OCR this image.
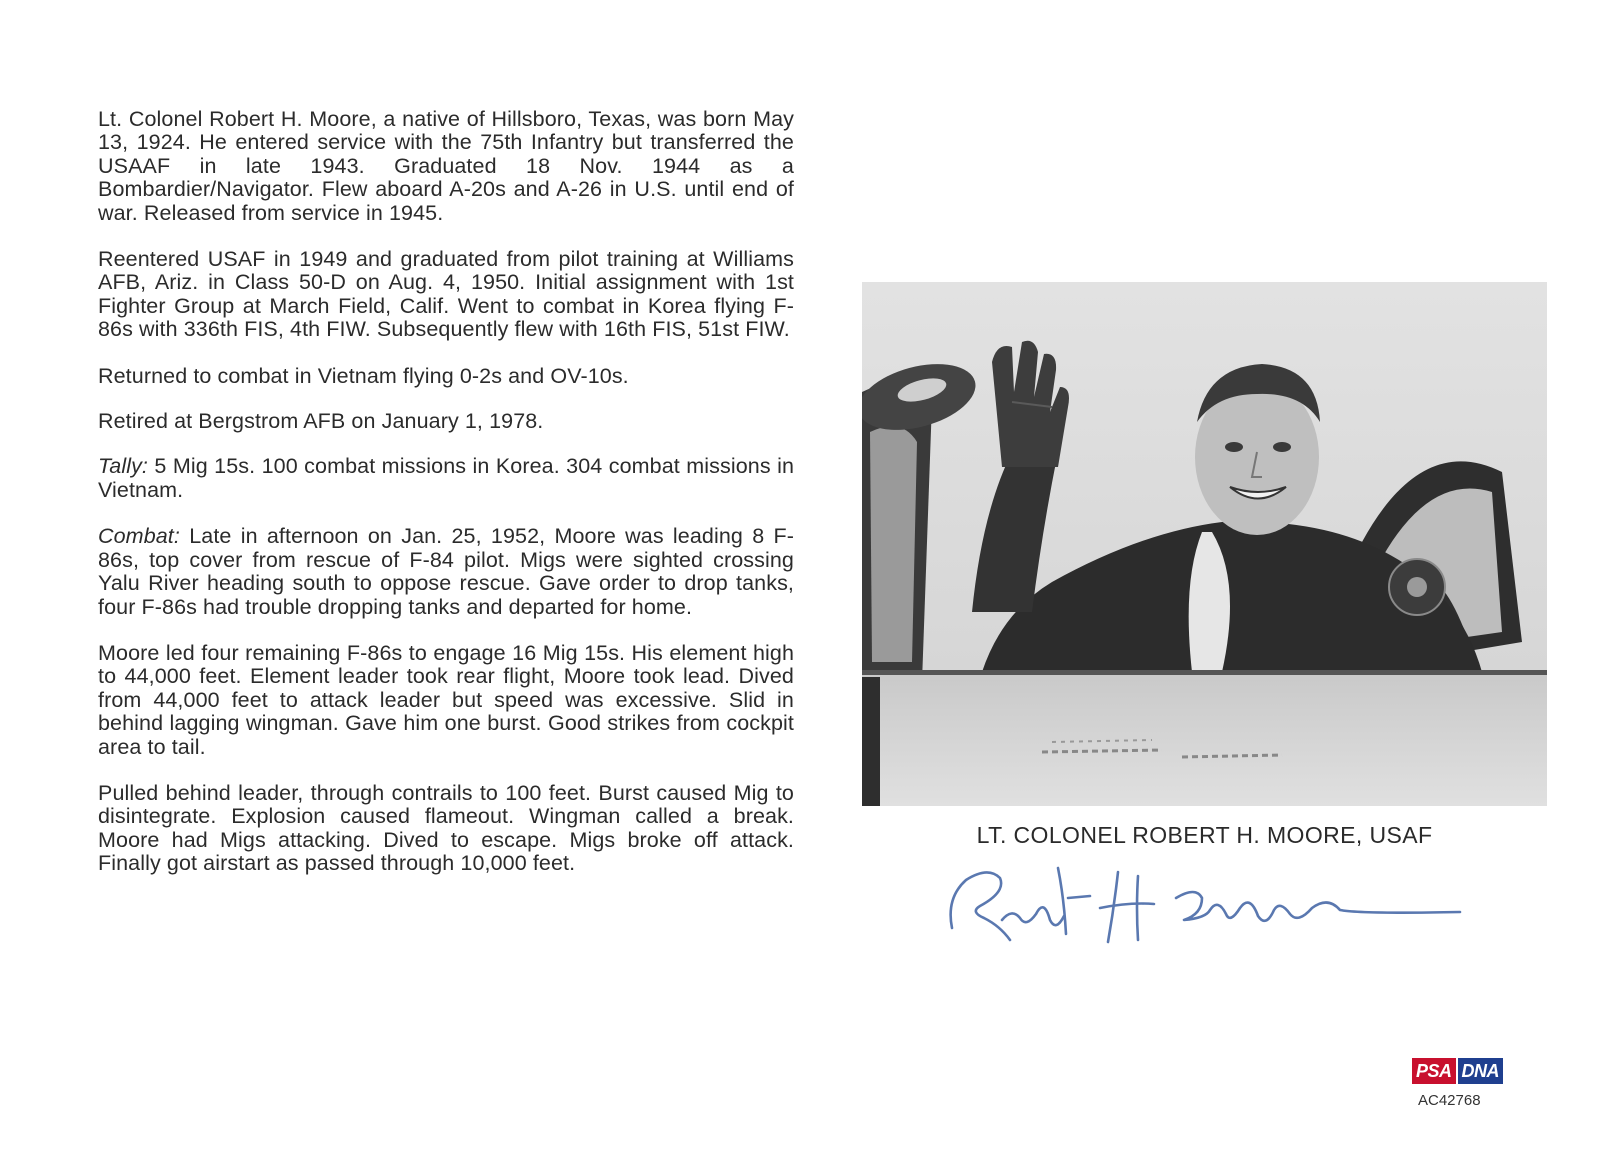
Lt. Colonel Robert H. Moore, a native of Hillsboro, Texas, was born May 13, 1924. He entered service with the 75th Infantry but transferred the USAAF in late 1943. Graduated 18 Nov. 1944 as a Bombardier/Navigator. Flew aboard A-20s and A-26 in U.S. until end of war. Released from service in 1945.

Reentered USAF in 1949 and graduated from pilot training at Williams AFB, Ariz. in Class 50-D on Aug. 4, 1950. Initial assignment with 1st Fighter Group at March Field, Calif. Went to combat in Korea flying F-86s with 336th FIS, 4th FIW. Subsequently flew with 16th FIS, 51st FIW.

Returned to combat in Vietnam flying 0-2s and OV-10s.

Retired at Bergstrom AFB on January 1, 1978.

Tally: 5 Mig 15s. 100 combat missions in Korea. 304 combat missions in Vietnam.

Combat: Late in afternoon on Jan. 25, 1952, Moore was leading 8 F-86s, top cover from rescue of F-84 pilot. Migs were sighted crossing Yalu River heading south to oppose rescue. Gave order to drop tanks, four F-86s had trouble dropping tanks and departed for home.

Moore led four remaining F-86s to engage 16 Mig 15s. His element high to 44,000 feet. Element leader took rear flight, Moore took lead. Dived from 44,000 feet to attack leader but speed was excessive. Slid in behind lagging wingman. Gave him one burst. Good strikes from cockpit area to tail.

Pulled behind leader, through contrails to 100 feet. Burst caused Mig to disintegrate. Explosion caused flameout. Wingman called a break. Moore had Migs attacking. Dived to escape. Migs broke off attack. Finally got airstart as passed through 10,000 feet.

LT. COLONEL ROBERT H. MOORE, USAF
PSA DNA
AC42768
